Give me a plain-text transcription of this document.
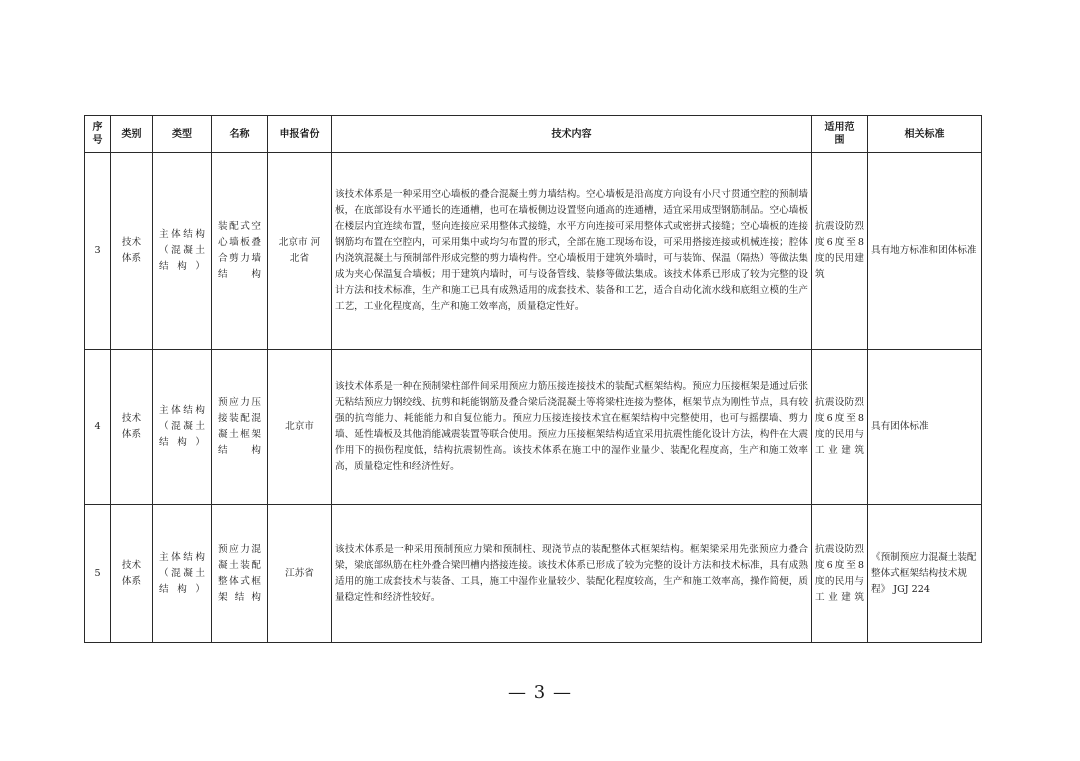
序号	类别	类型	名称	申报省份	技术内容	适用范围	相关标准
3	技术体系	主体结构（混凝土结构）	装配式空心墙板叠合剪力墙结构	北京市 河北省	该技术体系是一种采用空心墙板的叠合混凝土剪力墙结构。空心墙板是沿高度方向设有小尺寸贯通空腔的预制墙板，在底部设有水平通长的连通槽，也可在墙板侧边设置竖向通高的连通槽，适宜采用成型钢筋制品。空心墙板在楼层内宜连续布置，竖向连接应采用整体式接缝，水平方向连接可采用整体式或密拼式接缝；空心墙板的连接钢筋均布置在空腔内，可采用集中或均匀布置的形式，全部在施工现场布设，可采用搭接连接或机械连接；腔体内浇筑混凝土与预制部件形成完整的剪力墙构件。空心墙板用于建筑外墙时，可与装饰、保温（隔热）等做法集成为夹心保温复合墙板；用于建筑内墙时，可与设备管线、装修等做法集成。该技术体系已形成了较为完整的设计方法和技术标准，生产和施工已具有成熟适用的成套技术、装备和工艺，适合自动化流水线和底组立模的生产工艺，工业化程度高，生产和施工效率高，质量稳定性好。	抗震设防烈度6度至8度的民用建筑	具有地方标准和团体标准
4	技术体系	主体结构（混凝土结构）	预应力压接装配混凝土框架结构	北京市	该技术体系是一种在预制梁柱部件间采用预应力筋压接连接技术的装配式框架结构。预应力压接框架是通过后张无粘结预应力钢绞线、抗剪和耗能钢筋及叠合梁后浇混凝土等将梁柱连接为整体，框架节点为刚性节点，具有较强的抗弯能力、耗能能力和自复位能力。预应力压接连接技术宜在框架结构中完整使用，也可与摇摆墙、剪力墙、延性墙板及其他消能减震装置等联合使用。预应力压接框架结构适宜采用抗震性能化设计方法，构件在大震作用下的损伤程度低，结构抗震韧性高。该技术体系在施工中的湿作业量少、装配化程度高，生产和施工效率高，质量稳定性和经济性好。	抗震设防烈度6度至8度的民用与工业建筑	具有团体标准
5	技术体系	主体结构（混凝土结构）	预应力混凝土装配整体式框架结构	江苏省	该技术体系是一种采用预制预应力梁和预制柱、现浇节点的装配整体式框架结构。框架梁采用先张预应力叠合梁，梁底部纵筋在柱外叠合梁凹槽内搭接连接。该技术体系已形成了较为完整的设计方法和技术标准，具有成熟适用的施工成套技术与装备、工具，施工中湿作业量较少、装配化程度较高，生产和施工效率高，操作简便，质量稳定性和经济性较好。	抗震设防烈度6度至8度的民用与工业建筑	《预制预应力混凝土装配整体式框架结构技术规程》 JGJ 224
— 3 —
